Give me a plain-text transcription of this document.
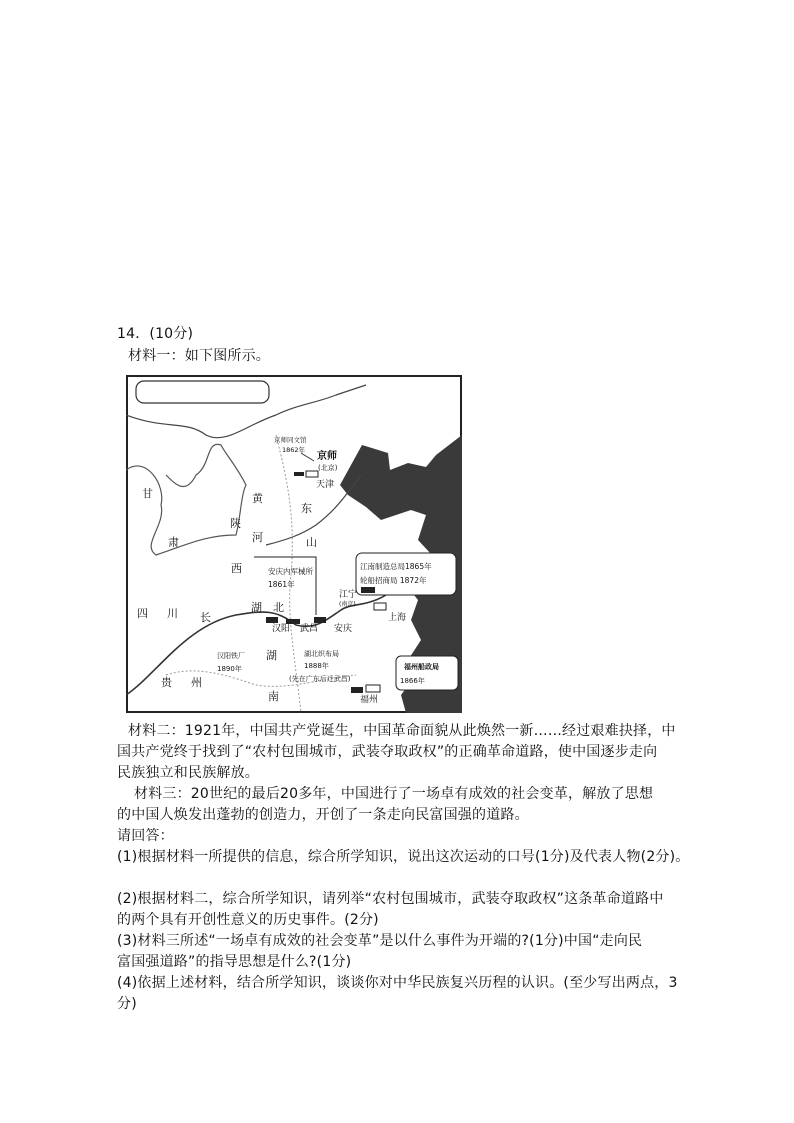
14．(10分)
材料一：如下图所示。
甘
肃
黄
陕
河
西
东
山
四 川 长
湖 北
湖
贵 州
南
京师
(北京)
天津
江宁
(南京)
汉阳 武昌 安庆
上海
福州
京师同文馆
1862年
安庆内军械所
1861年
江南制造总局1865年
轮船招商局 1872年
汉阳铁厂
1890年
湖北织布局
1888年
(先在广东后迁武昌)
福州船政局
1866年
材料二：1921年，中国共产党诞生，中国革命面貌从此焕然一新……经过艰难抉择，中
国共产党终于找到了“农村包围城市，武装夺取政权”的正确革命道路，使中国逐步走向
民族独立和民族解放。
材料三：20世纪的最后20多年，中国进行了一场卓有成效的社会变革，解放了思想
的中国人焕发出蓬勃的创造力，开创了一条走向民富国强的道路。
请回答：
(1)根据材料一所提供的信息，综合所学知识，说出这次运动的口号(1分)及代表人物(2分)。
(2)根据材料二，综合所学知识，请列举“农村包围城市，武装夺取政权”这条革命道路中
的两个具有开创性意义的历史事件。(2分)
(3)材料三所述“一场卓有成效的社会变革”是以什么事件为开端的?(1分)中国“走向民
富国强道路”的指导思想是什么?(1分)
(4)依据上述材料，结合所学知识，谈谈你对中华民族复兴历程的认识。(至少写出两点，3
分)
